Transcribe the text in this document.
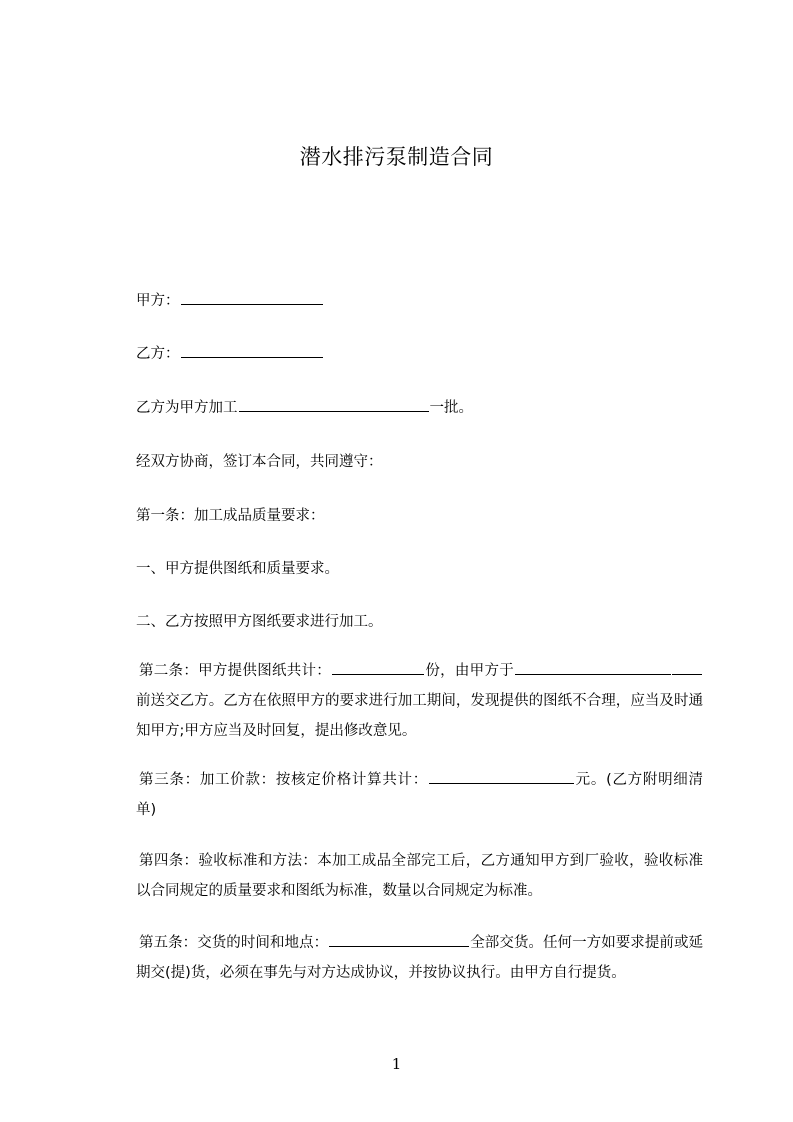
潜水排污泵制造合同
甲方：
乙方：
乙方为甲方加工	一批。
经双方协商，签订本合同，共同遵守：
第一条：加工成品质量要求：
一、甲方提供图纸和质量要求。
二、乙方按照甲方图纸要求进行加工。
第二条：甲方提供图纸共计：	份，由甲方于前送交乙方。乙方在依照甲方的要求进行加工期间，发现提供的图纸不合理，应当及时通知甲方;甲方应当及时回复，提出修改意见。
第三条：加工价款：按核定价格计算共计：	元。(乙方附明细清单)
第四条：验收标准和方法：本加工成品全部完工后，乙方通知甲方到厂验收，验收标准以合同规定的质量要求和图纸为标准，数量以合同规定为标准。
第五条：交货的时间和地点：	全部交货。任何一方如要求提前或延期交(提)货，必须在事先与对方达成协议，并按协议执行。由甲方自行提货。
1
